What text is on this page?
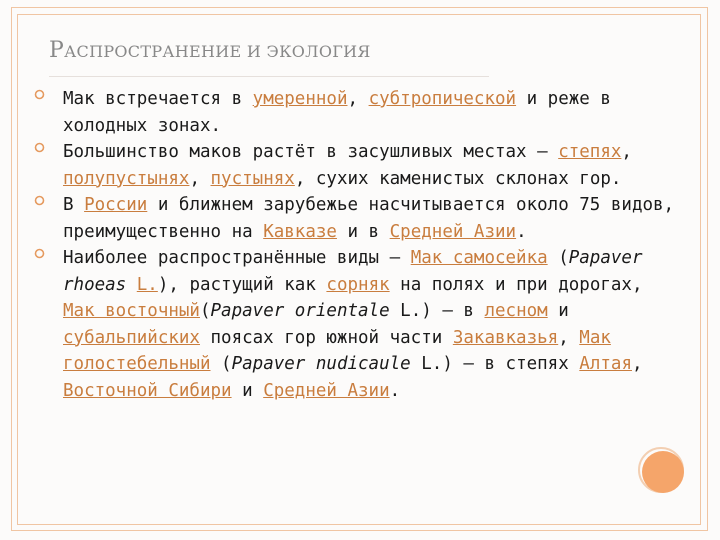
РАСПРОСТРАНЕНИЕ И ЭКОЛОГИЯ
Мак встречается в умеренной, субтропической и реже в холодных зонах.
Большинство маков растёт в засушливых местах — степях, полупустынях, пустынях, сухих каменистых склонах гор.
В России и ближнем зарубежье насчитывается около 75 видов, преимущественно на Кавказе и в Средней Азии.
Наиболее распространённые виды — Мак самосейка (Papaver rhoeas L.), растущий как сорняк на полях и при дорогах, Мак восточный(Papaver orientale L.) — в лесном и субальпийских поясах гор южной части Закавказья, Мак голостебельный (Papaver nudicaule L.) — в степях Алтая, Восточной Сибири и Средней Азии.
